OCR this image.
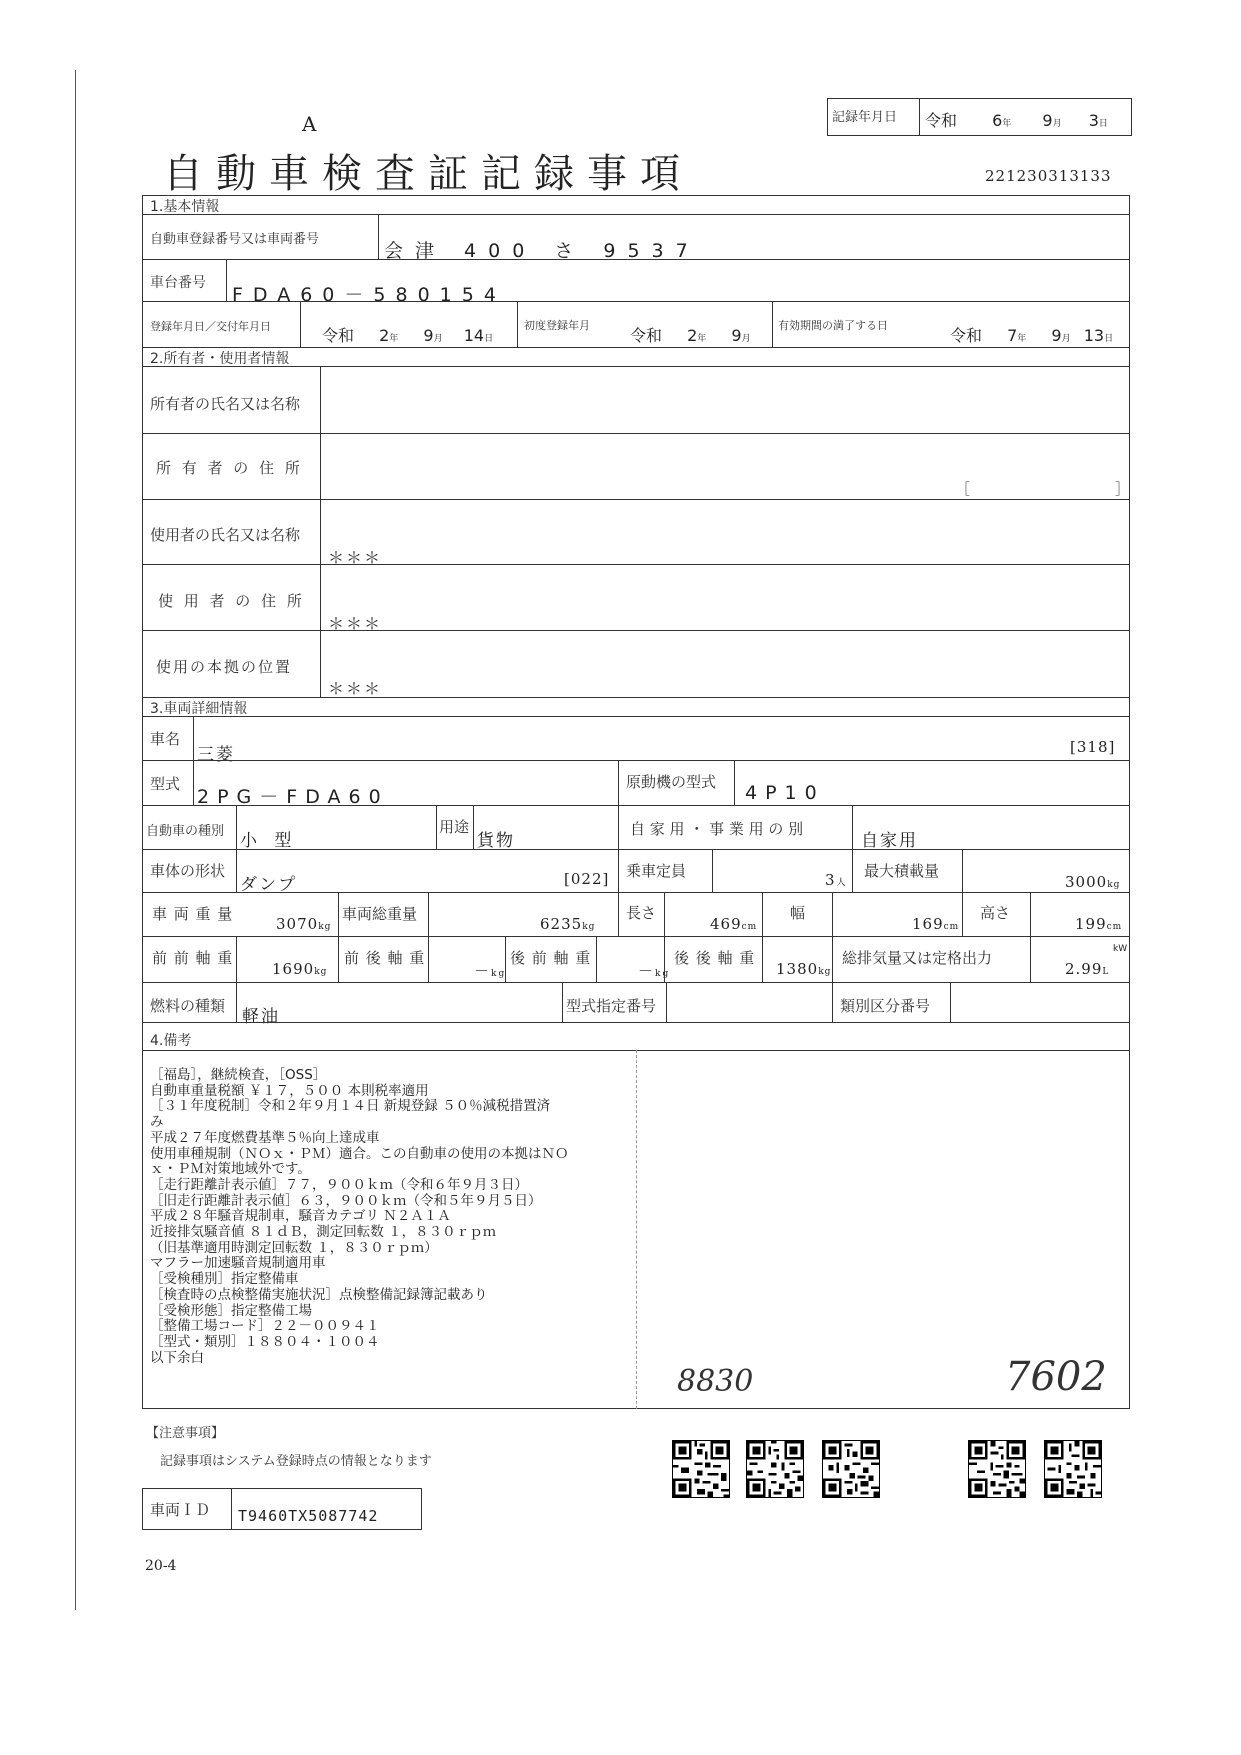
A
自動車検査証記録事項
記録年月日 令和 6年 9月 3日
221230313133
1.基本情報
自動車登録番号又は車両番号
会津 400 さ 9537
車台番号
FDA60－580154
登録年月日／交付年月日	令和 2年 9月 14日
初度登録年月
令和 2年 9月
有効期間の満了する日
令和 7年 9月 13日
2.所有者・使用者情報
所有者の氏名又は名称
所 有 者 の 住 所
［	］
使用者の氏名又は名称
＊＊＊
使 用 者 の 住 所
＊＊＊
使用の本拠の位置
＊＊＊
3.車両詳細情報
車名
三菱	[318]
型式
2PG－FDA60
原動機の型式 4P10
自動車の種別 小 型
用途
貨物
自 家 用 ・ 事 業 用 の 別
自家用
車体の形状
ダンプ	[022] 乗車定員	3人
最大積載量
3000kg
車 両 重 量
3070kg
車両総重量
6235kg
長さ
469cm
幅
169cm
高さ
199cm
前 前 軸 重
1690kg
前 後 軸 重
－kg
後 前 軸 重
－kg
後 後 軸 重
1380kg
総排気量又は定格出力
2.99L
kW
燃料の種類
軽油
型式指定番号	類別区分番号
4.備考
［福島］，継続検査，［OSS］
自動車重量税額 ￥１７，５００ 本則税率適用
［３１年度税制］令和２年９月１４日 新規登録 ５０％減税措置済
み
平成２７年度燃費基準５％向上達成車
使用車種規制（ＮＯｘ・ＰＭ）適合。この自動車の使用の本拠はＮＯ
ｘ・ＰＭ対策地域外です。
［走行距離計表示値］７７，９００ｋｍ（令和６年９月３日）
［旧走行距離計表示値］６３，９００ｋｍ（令和５年９月５日）
平成２８年騒音規制車，騒音カテゴリ Ｎ２Ａ１Ａ
近接排気騒音値 ８１ｄＢ，測定回転数 １，８３０ｒｐｍ
（旧基準適用時測定回転数 １，８３０ｒｐｍ）
マフラー加速騒音規制適用車
［受検種別］指定整備車
［検査時の点検整備実施状況］点検整備記録簿記載あり
［受検形態］指定整備工場
［整備工場コード］２２－００９４１
［型式・類別］１８８０４・１００４
以下余白
8830	7602
【注意事項】
記録事項はシステム登録時点の情報となります
車両ＩＤ T9460TX5087742
20-4
